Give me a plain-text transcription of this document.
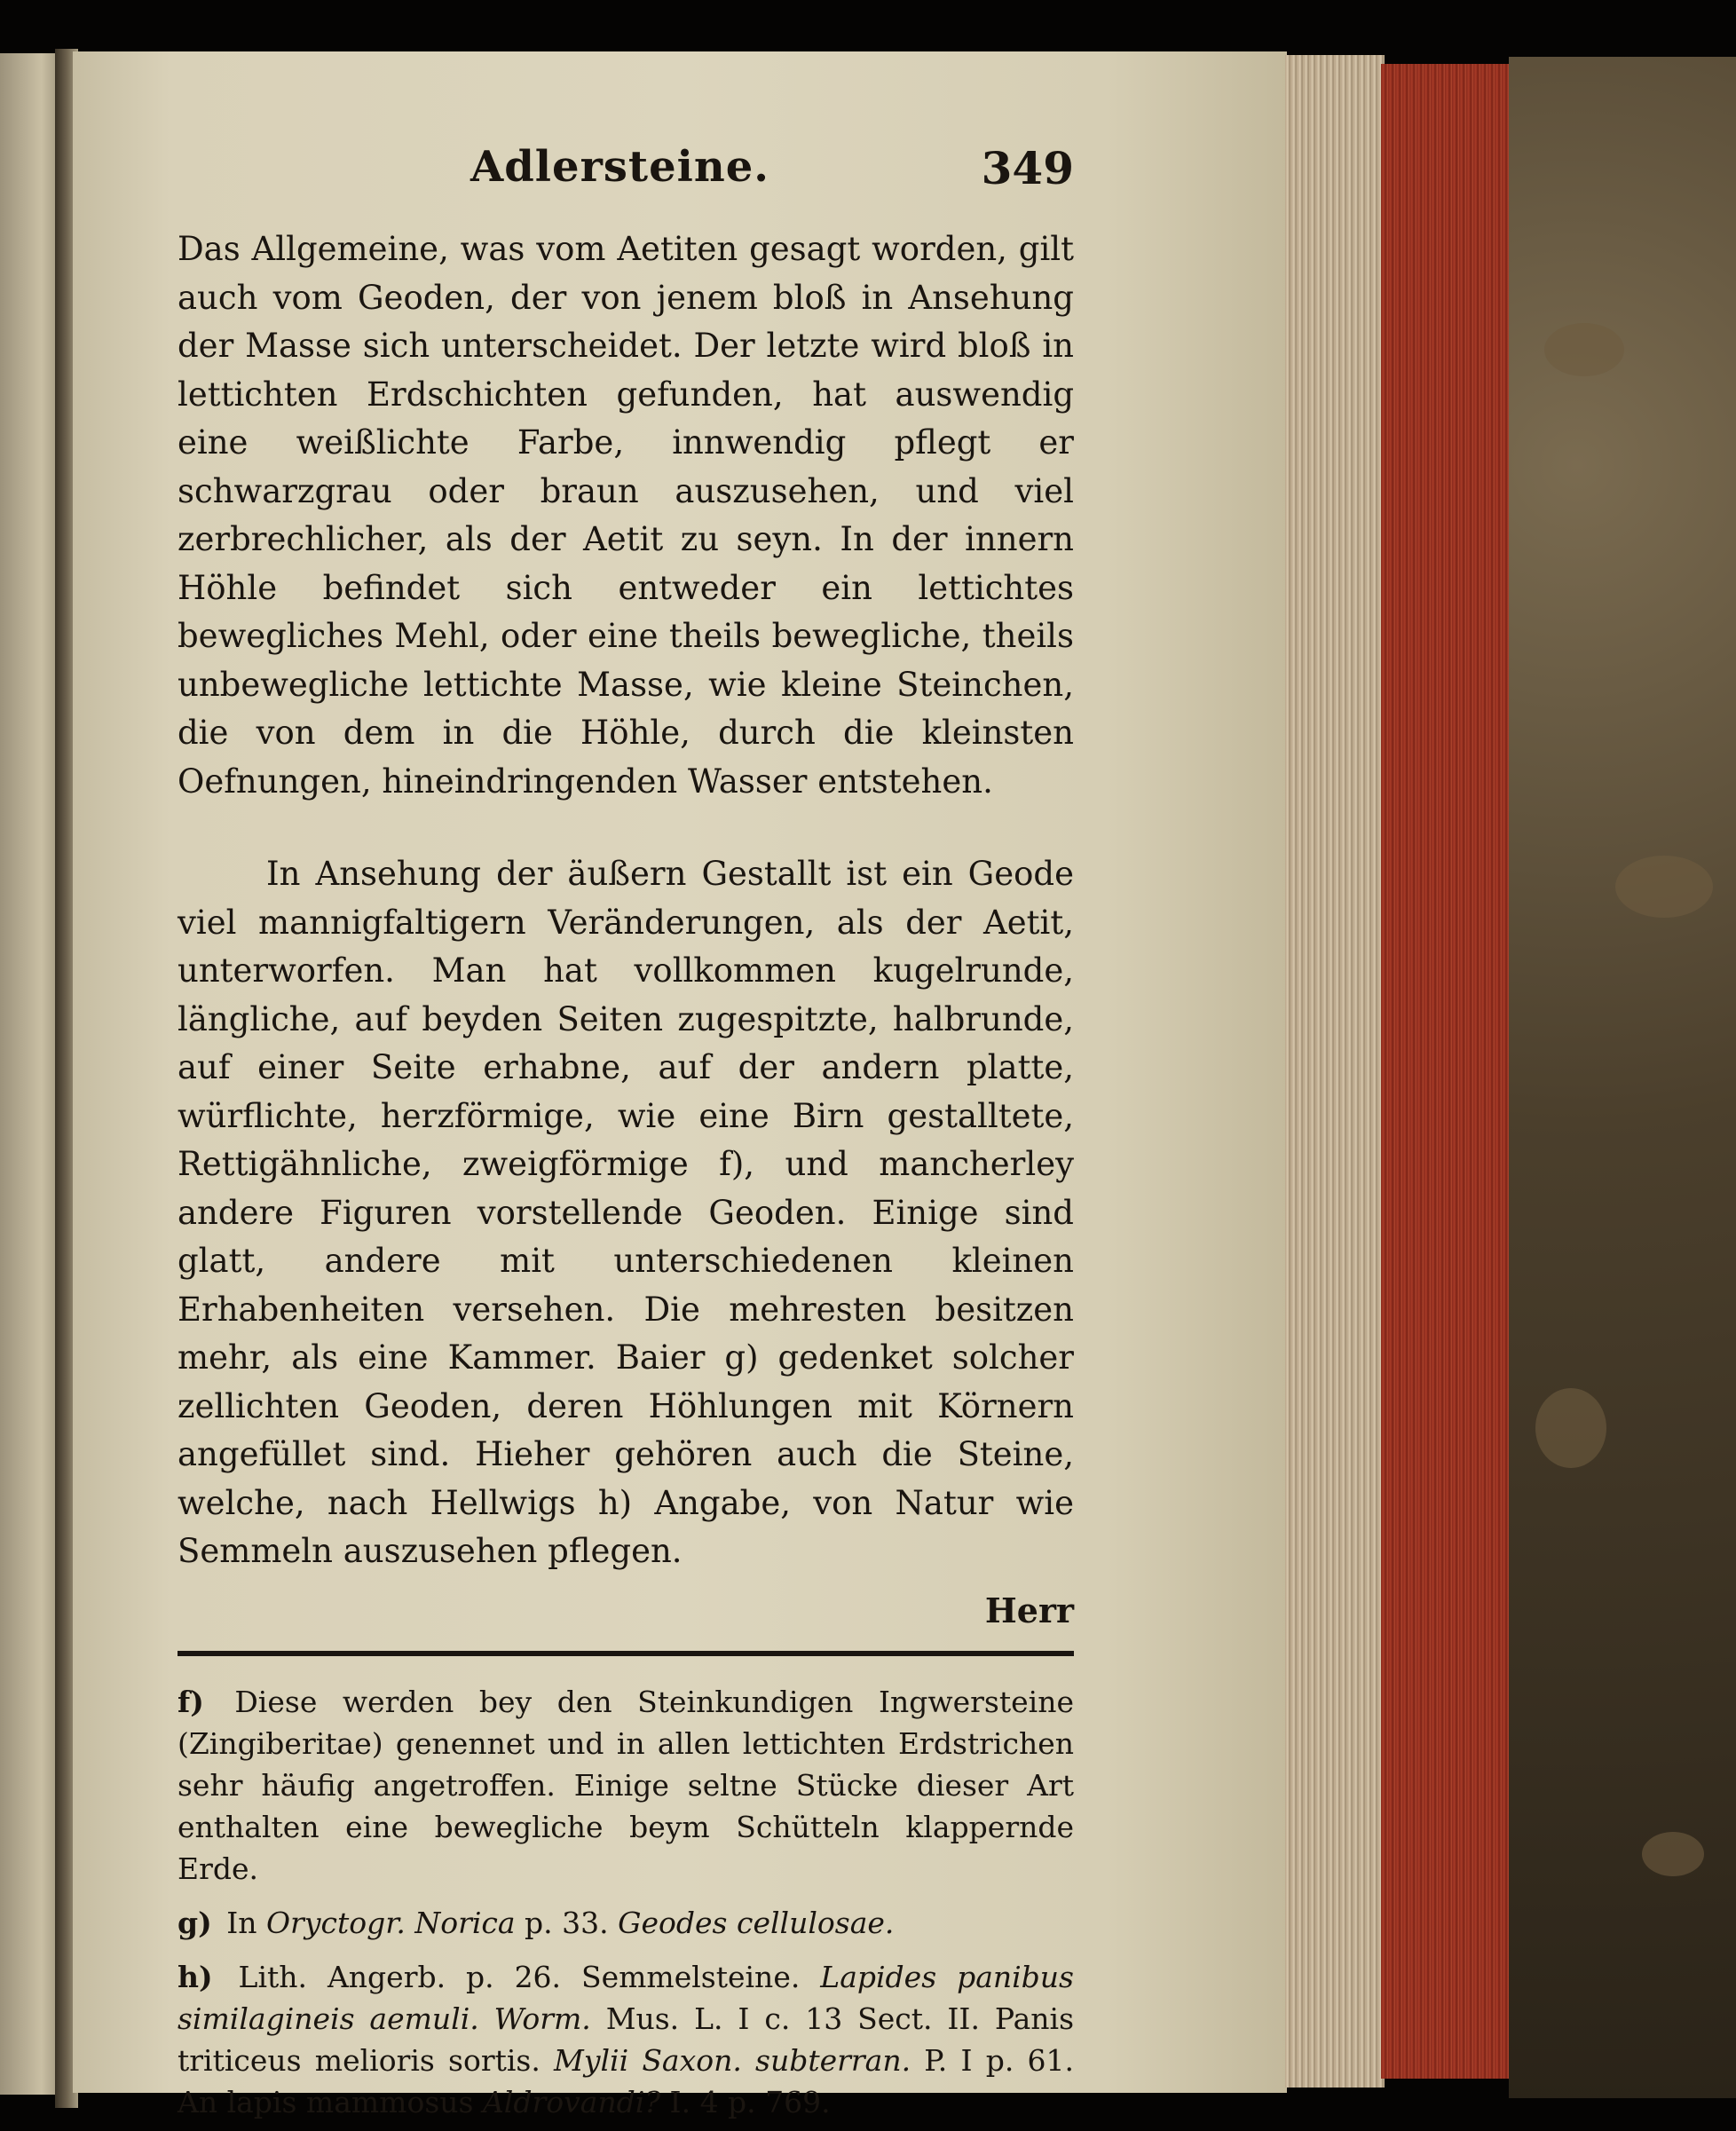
Adlersteine.	349

Das Allgemeine, was vom Aetiten gesagt worden, gilt auch vom Geoden, der von jenem bloß in Ansehung der Masse sich unterscheidet. Der letzte wird bloß in lettichten Erdschichten gefunden, hat auswendig eine weißlichte Farbe, innwendig pflegt er schwarzgrau oder braun auszusehen, und viel zerbrechlicher, als der Aetit zu seyn. In der innern Höhle befindet sich entweder ein lettichtes bewegliches Mehl, oder eine theils bewegliche, theils unbewegliche lettichte Masse, wie kleine Steinchen, die von dem in die Höhle, durch die kleinsten Oefnungen, hineindringenden Wasser entstehen.

In Ansehung der äußern Gestallt ist ein Geode viel mannigfaltigern Veränderungen, als der Aetit, unterworfen. Man hat vollkommen kugelrunde, längliche, auf beyden Seiten zugespitzte, halbrunde, auf einer Seite erhabne, auf der andern platte, würflichte, herzförmige, wie eine Birn gestalltete, Rettigähnliche, zweigförmige f), und mancherley andere Figuren vorstellende Geoden. Einige sind glatt, andere mit unterschiedenen kleinen Erhabenheiten versehen. Die mehresten besitzen mehr, als eine Kammer. Baier g) gedenket solcher zellichten Geoden, deren Höhlungen mit Körnern angefüllet sind. Hieher gehören auch die Steine, welche, nach Hellwigs h) Angabe, von Natur wie Semmeln auszusehen pflegen.

Herr

f) Diese werden bey den Steinkundigen Ingwersteine (Zingiberitae) genennet und in allen lettichten Erdstrichen sehr häufig angetroffen. Einige seltne Stücke dieser Art enthalten eine bewegliche beym Schütteln klappernde Erde.

g) In Oryctogr. Norica p. 33. Geodes cellulosae.

h) Lith. Angerb. p. 26. Semmelsteine. Lapides panibus similagineis aemuli. Worm. Mus. L. I c. 13 Sect. II. Panis triticeus melioris sortis. Mylii Saxon. subterran. P. I p. 61. An lapis mammosus Aldrovandi? I. 4 p. 769.
